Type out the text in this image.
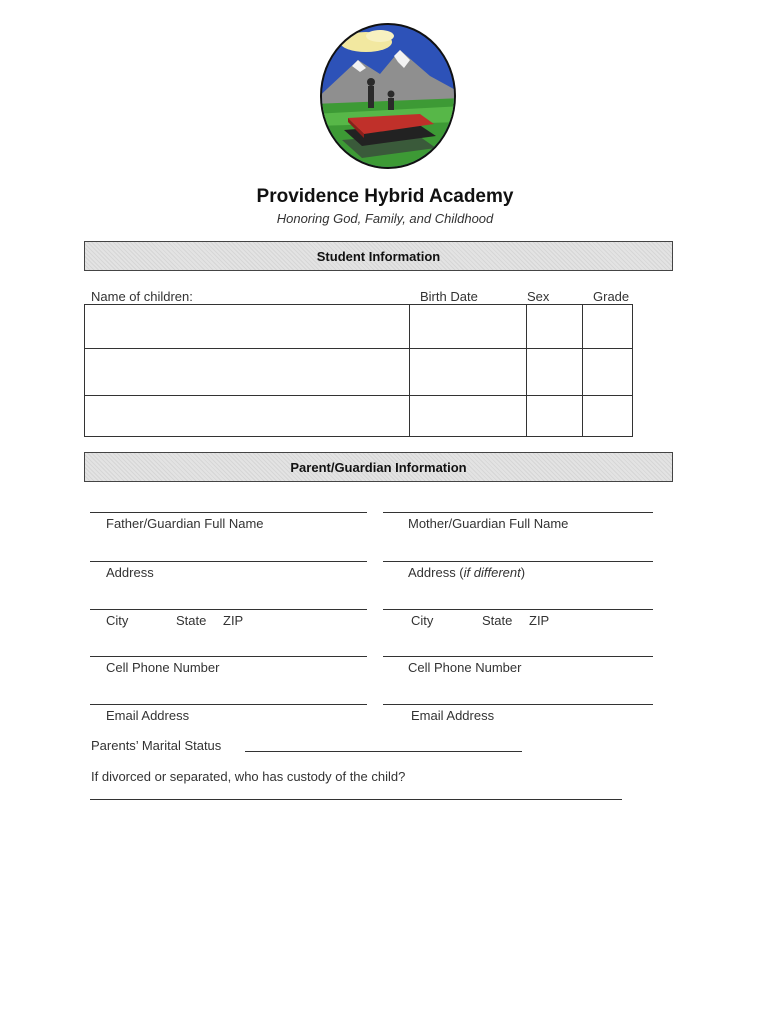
Providence Hybrid Academy
Honoring God, Family, and Childhood
Student Information
Name of children:	Birth Date	Sex	Grade

Parent/Guardian Information
Father/Guardian Full Name	Mother/Guardian Full Name
Address	Address (if different)
City	State ZIP	City	State ZIP
Cell Phone Number	Cell Phone Number
Email Address	Email Address
Parents’ Marital Status
If divorced or separated, who has custody of the child?
